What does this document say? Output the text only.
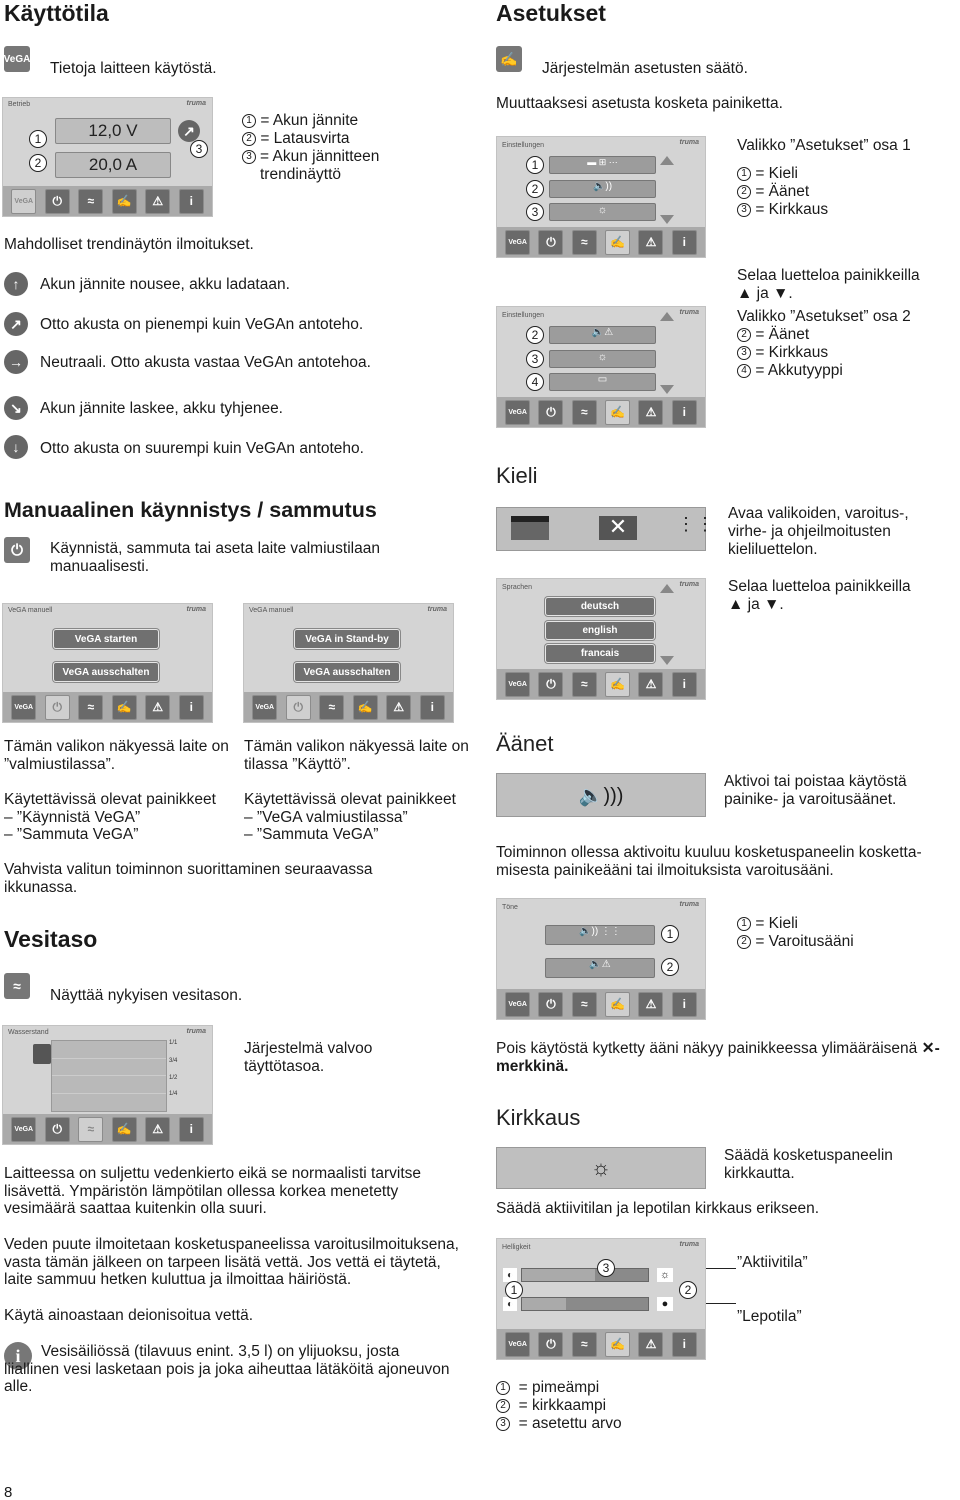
Käyttötila
VeGA
Tietoja laitteen käytöstä.
Betrieb	truma
1
2
12,0 V
20,0 A
↗
3
VeGA	⏻	≈	✍	⚠	i
1 = Akun jännite
2 = Latausvirta
3 = Akun jännitteen trendinäyttö
Mahdolliset trendinäytön ilmoitukset.
↑	Akun jännite nousee, akku ladataan.
↗	Otto akusta on pienempi kuin VeGAn antoteho.
→	Neutraali. Otto akusta vastaa VeGAn antotehoa.
↘	Akun jännite laskee, akku tyhjenee.
↓	Otto akusta on suurempi kuin VeGAn antoteho.
Manuaalinen käynnistys / sammutus
⏻	Käynnistä, sammuta tai aseta laite valmiustilaan manuaalisesti.
VeGA manuell	truma
VeGA starten
VeGA ausschalten
VeGA	⏻	≈	✍	⚠	i
VeGA manuell	truma
VeGA in Stand-by
VeGA ausschalten
VeGA	⏻	≈	✍	⚠	i
Tämän valikon näkyessä laite on ”valmiustilassa”.
Käytettävissä olevat painikkeet
– ”Käynnistä VeGA”
– ”Sammuta VeGA”
Tämän valikon näkyessä laite on tilassa ”Käyttö”.
Käytettävissä olevat painikkeet
– ”VeGA valmiustilassa”
– ”Sammuta VeGA”
Vahvista valitun toiminnon suorittaminen seuraavassa ikkunassa.
Vesitaso
≈
Näyttää nykyisen vesitason.
Wasserstand	truma
1/1
3/4
1/2
1/4
VeGA	⏻	≈	✍	⚠	i
Järjestelmä valvoo täyttötasoa.
Laitteessa on suljettu vedenkierto eikä se normaalisti tarvitse lisävettä. Ympäristön lämpötilan ollessa korkea menetetty vesimäärä saattaa kuitenkin olla suuri.
Veden puute ilmoitetaan kosketuspaneelissa varoitusilmoituksena, vasta tämän jälkeen on tarpeen lisätä vettä. Jos vettä ei täytetä, laite sammuu hetken kuluttua ja ilmoittaa häiriöstä.
Käytä ainoastaan deionisoitua vettä.
i	Vesisäiliössä (tilavuus enint. 3,5 l) on ylijuoksu, josta liiallinen vesi lasketaan pois ja joka aiheuttaa lätäköitä ajoneuvon alle.
8
Asetukset
✍
Järjestelmän asetusten säätö.
Muuttaaksesi asetusta kosketa painiketta.
Einstellungen	truma
1
2
3
▬ ⊞ ⋯
🔈))
☼
VeGA	⏻	≈	✍	⚠	i
Valikko ”Asetukset” osa 1
1 = Kieli
2 = Äänet
3 = Kirkkaus
Selaa luetteloa painikkeilla
▲ ja ▼.
Valikko ”Asetukset” osa 2
2 = Äänet
3 = Kirkkaus
4 = Akkutyyppi
Einstellungen	truma
2
3
4
🔈⚠
☼
▭
VeGA	⏻	≈	✍	⚠	i
Kieli
✕	⋮⋮
Avaa valikoiden, varoitus-, virhe- ja ohjeilmoitusten kieliluettelon.
Selaa luetteloa painikkeilla
▲ ja ▼.
Sprachen	truma
deutsch
english
francais
VeGA	⏻	≈	✍	⚠	i
Äänet
🔈)))
Aktivoi tai poistaa käytöstä painike- ja varoitusäänet.
Toiminnon ollessa aktivoitu kuuluu kosketuspaneelin koskettamisesta painikeääni tai ilmoituksista varoitusääni.
Töne	truma
🔈)) ⋮⋮
🔈⚠
1
2
VeGA	⏻	≈	✍	⚠	i
1 = Kieli
2 = Varoitusääni
Pois käytöstä kytketty ääni näkyy painikkeessa ylimääräisenä ✕-merkkinä.
Kirkkaus
☼	Säädä kosketuspaneelin kirkkautta.
Säädä aktiivitilan ja lepotilan kirkkaus erikseen.
Helligkeit	truma
◐	☼
◐	●
1
3
2
VeGA	⏻	≈	✍	⚠	i
”Aktiivitila”
”Lepotila”
1 = pimeämpi
2 = kirkkaampi
3 = asetettu arvo
